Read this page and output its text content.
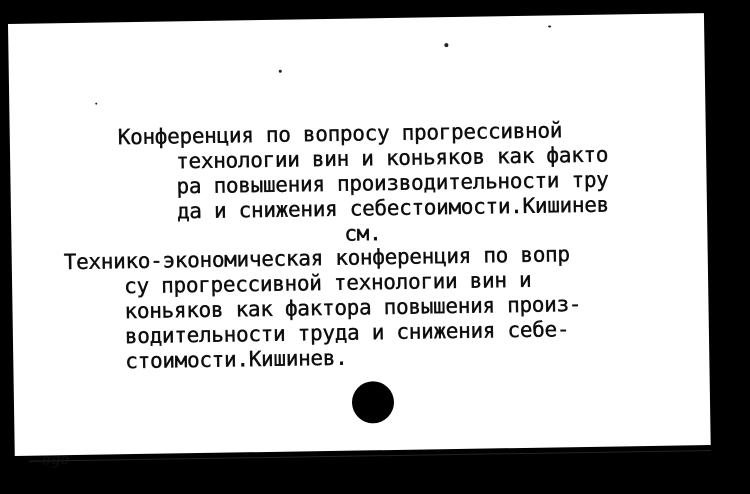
Конференция по вопросу прогрессивной
технологии вин и коньяков как факто
ра повышения производительности тру
да и снижения себестоимости.Кишинев
см.

Технико-экономическая конференция по вопр
су прогрессивной технологии вин и
коньяков как фактора повышения произ-
водительности труда и снижения себе-
стоимости.Кишинев.

ogo
